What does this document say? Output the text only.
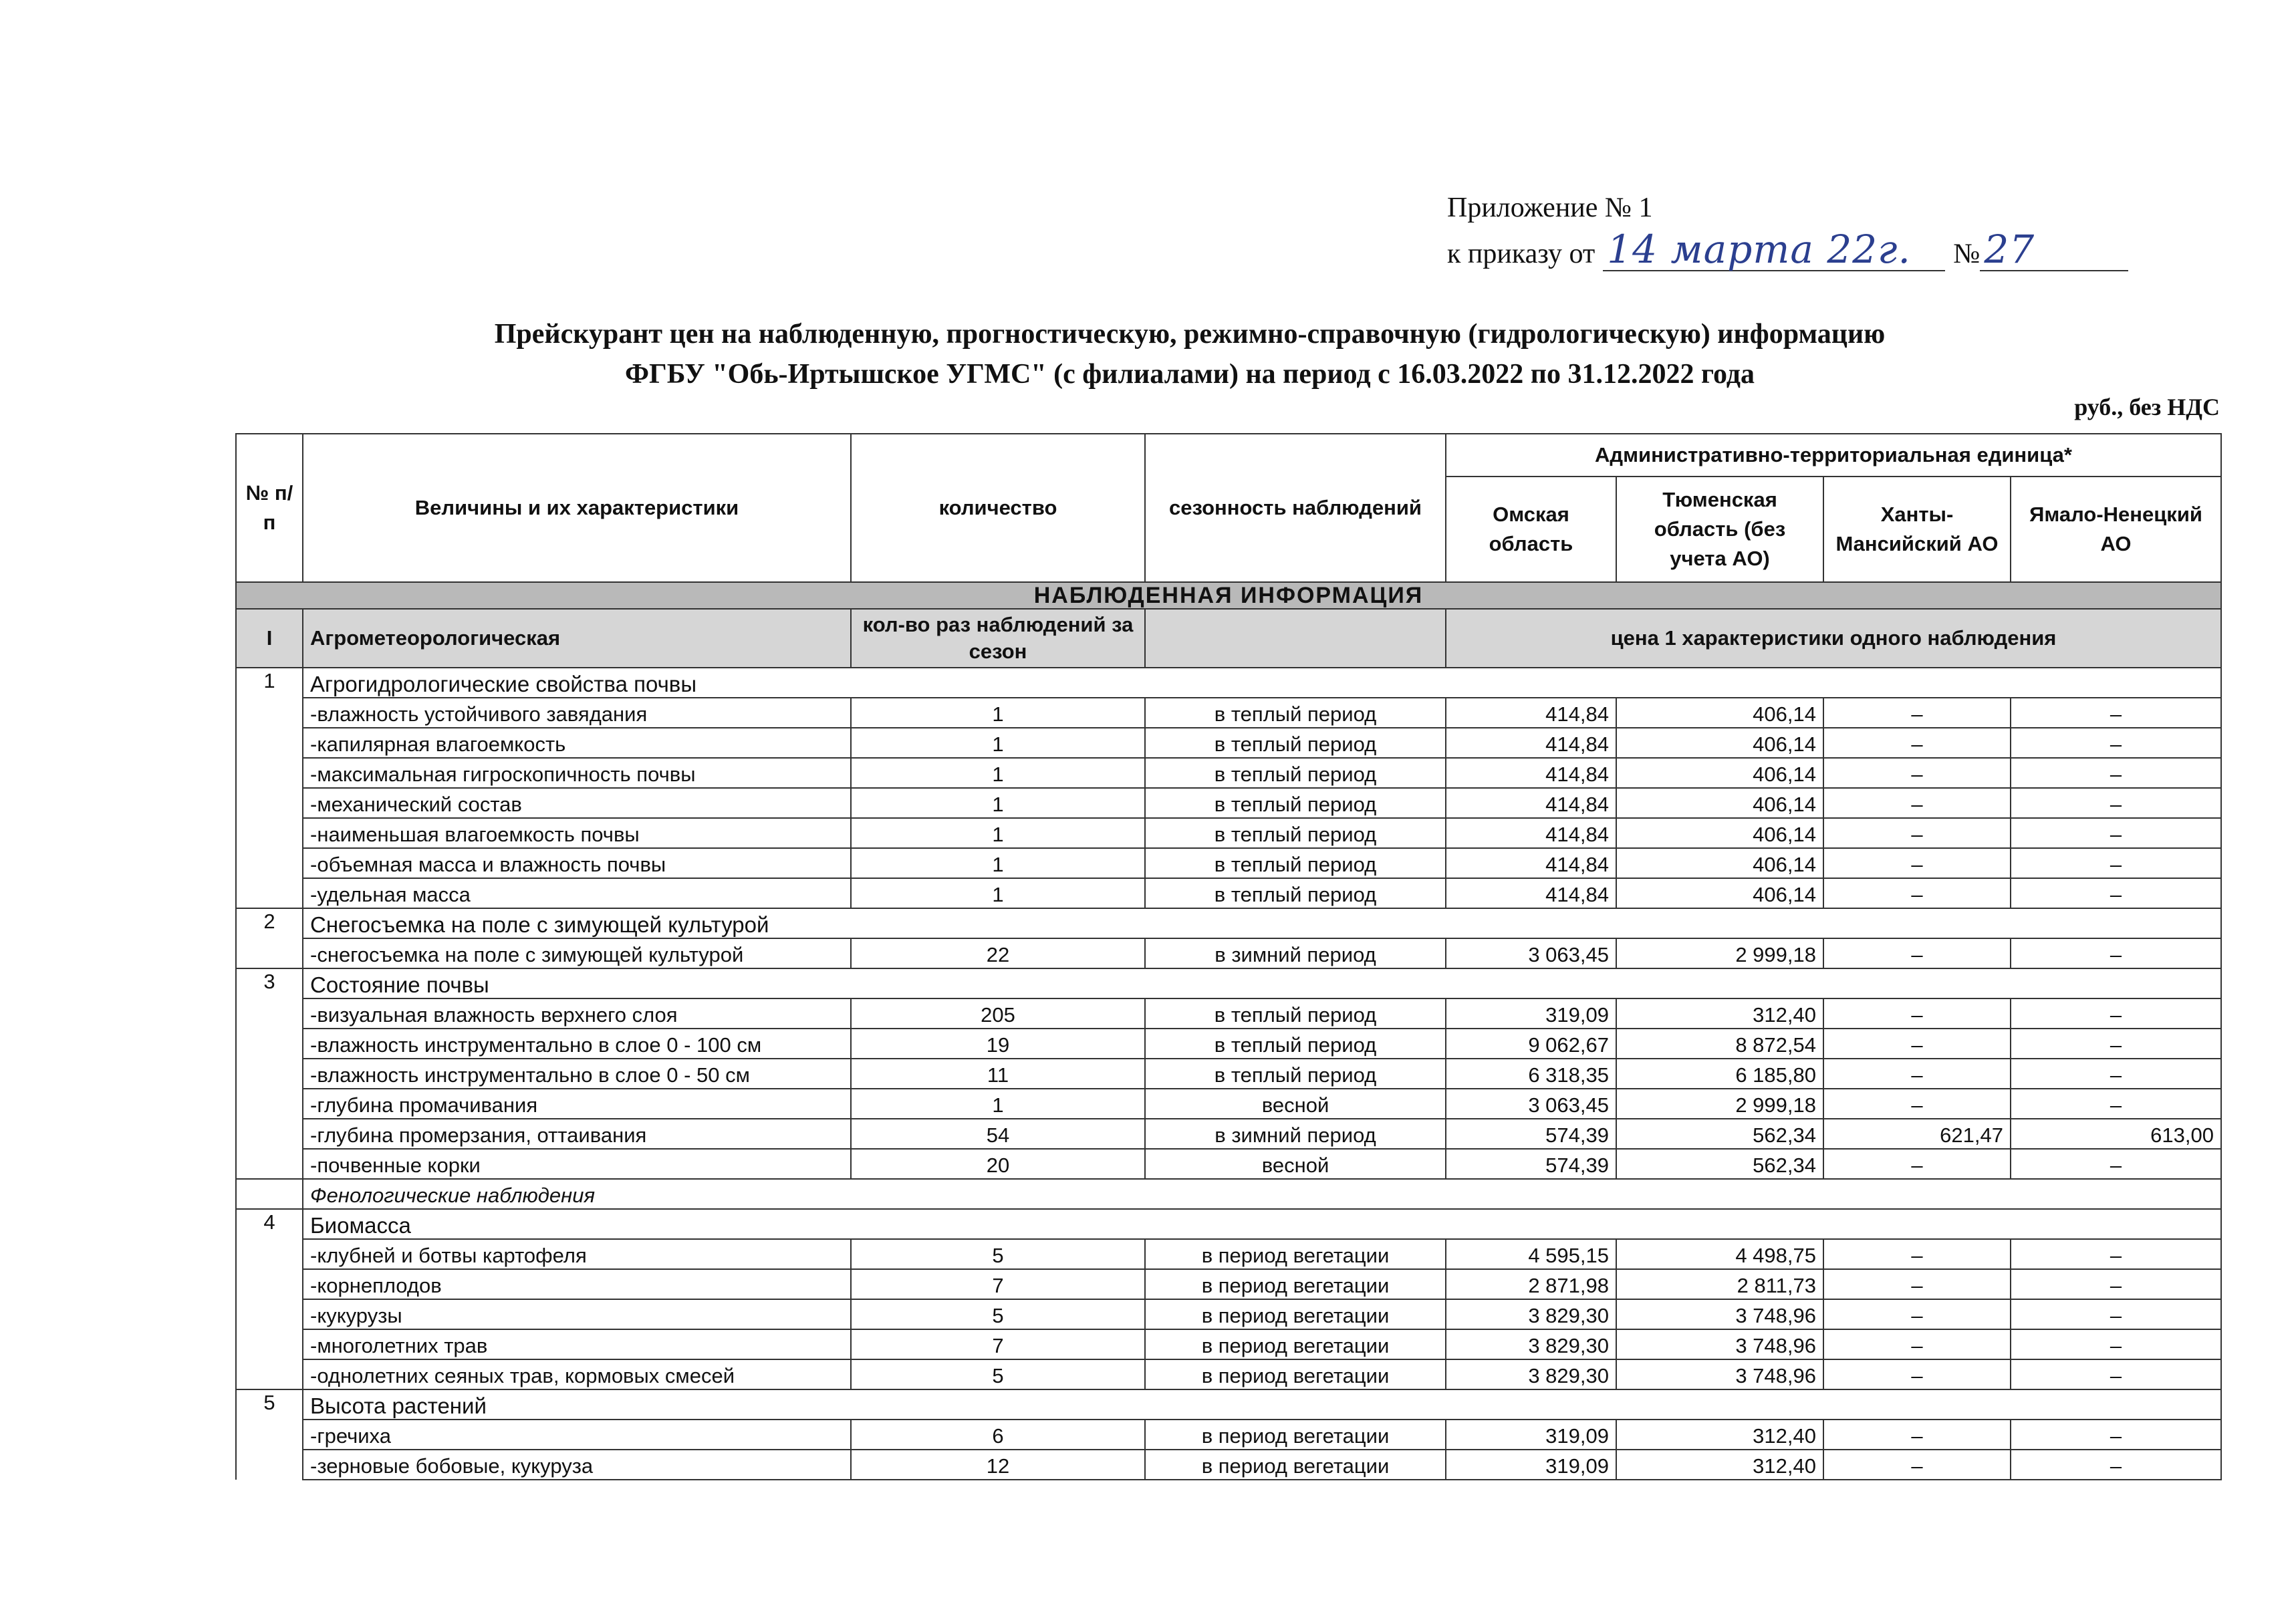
Приложение № 1
к приказу от 14 марта 22г.	№ 27
Прейскурант цен на наблюденную, прогностическую, режимно-справочную (гидрологическую) информацию
ФГБУ "Обь-Иртышское УГМС" (с филиалами) на период с 16.03.2022 по 31.12.2022 года
руб., без НДС
№ п/п	Величины и их характеристики	количество	сезонность наблюдений	Административно-территориальная единица*			
				Омская область	Тюменская область (без учета АО)	Ханты-Мансийский АО	Ямало-Ненецкий АО
НАБЛЮДЕННАЯ ИНФОРМАЦИЯ							
I	Агрометеорологическая	кол-во раз наблюдений за сезон		цена 1 характеристики одного наблюдения			
1	Агрогидрологические свойства почвы						
	-влажность устойчивого завядания	1	в теплый период	414,84	406,14	–	–
	-капилярная влагоемкость	1	в теплый период	414,84	406,14	–	–
	-максимальная гигроскопичность почвы	1	в теплый период	414,84	406,14	–	–
	-механический состав	1	в теплый период	414,84	406,14	–	–
	-наименьшая влагоемкость почвы	1	в теплый период	414,84	406,14	–	–
	-объемная масса и влажность почвы	1	в теплый период	414,84	406,14	–	–
	-удельная масса	1	в теплый период	414,84	406,14	–	–
2	Снегосъемка на поле с зимующей культурой						
	-снегосъемка на поле с зимующей культурой	22	в зимний период	3 063,45	2 999,18	–	–
3	Состояние почвы						
	-визуальная влажность верхнего слоя	205	в теплый период	319,09	312,40	–	–
	-влажность инструментально в слое 0 - 100 см	19	в теплый период	9 062,67	8 872,54	–	–
	-влажность инструментально в слое 0 - 50 см	11	в теплый период	6 318,35	6 185,80	–	–
	-глубина промачивания	1	весной	3 063,45	2 999,18	–	–
	-глубина промерзания, оттаивания	54	в зимний период	574,39	562,34	621,47	613,00
	-почвенные корки	20	весной	574,39	562,34	–	–
	Фенологические наблюдения						
4	Биомасса						
	-клубней и ботвы картофеля	5	в период вегетации	4 595,15	4 498,75	–	–
	-корнеплодов	7	в период вегетации	2 871,98	2 811,73	–	–
	-кукурузы	5	в период вегетации	3 829,30	3 748,96	–	–
	-многолетних трав	7	в период вегетации	3 829,30	3 748,96	–	–
	-однолетних сеяных трав, кормовых смесей	5	в период вегетации	3 829,30	3 748,96	–	–
5	Высота растений						
	-гречиха	6	в период вегетации	319,09	312,40	–	–
	-зерновые бобовые, кукуруза	12	в период вегетации	319,09	312,40	–	–
